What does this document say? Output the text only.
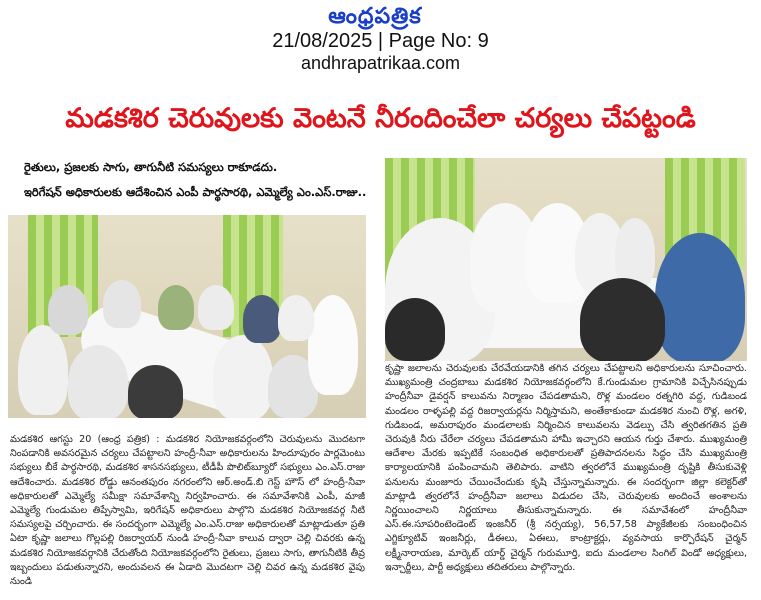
ఆంధ్రపత్రిక
21/08/2025 | Page No: 9
andhrapatrikaa.com
మడకశిర చెరువులకు వెంటనే నీరందించేలా చర్యలు చేపట్టండి
రైతులు, ప్రజలకు సాగు, తాగునీటి సమస్యలు రాకూడదు.
ఇరిగేషన్ అధికారులకు ఆదేశించిన ఎంపీ పార్థసారథి, ఎమ్మెల్యే ఎం.ఎస్.రాజు..
మడకశిర ఆగస్టు 20 (ఆంధ్ర పత్రిక) : మడకశిర నియోజకవర్గంలోని చెరువులను మొదటగా నింపడానికి అవసరమైన చర్యలు చేపట్టాలని హంద్రీ-నీవా అధికారులను హిందూపురం పార్లమెంటు సభ్యులు బీకే పార్థసారథి, మడకశిర శాసనసభ్యులు, టీడీపీ పొలిట్‌బ్యూరో సభ్యులు ఎం.ఎస్.రాజు ఆదేశించారు. మడకశిర రోడ్డు ఆనంతపురం నగరంలోని ఆర్.అండ్.బి గెస్ట్ హౌస్ లో హంద్రీ-నీవా అధికారులతో ఎమ్మెల్యే సమీక్షా సమావేశాన్ని నిర్వహించారు. ఈ సమావేశానికి ఎంపీ, మాజీ ఎమ్మెల్యే గుండుమల తిప్పేస్వామి, ఇరిగేషన్ అధికారులు పాల్గొని మడకశిర నియోజకవర్గ నీటి సమస్యలపై చర్చించారు. ఈ సందర్భంగా ఎమ్మెల్యే ఎం.ఎస్.రాజు అధికారులతో మాట్లాడుతూ ప్రతి ఏటా కృష్ణా జలాలు గొల్లపల్లి రిజర్వాయర్ నుండి హంద్రీ-నీవా కాలువ ద్వారా చెల్లి చివరకు ఉన్న మడకశిర నియోజకవర్గానికి చేరుతోంది నియోజకవర్గంలోని రైతులు, ప్రజలు సాగు, తాగునీటికి తీవ్ర ఇబ్బందులు పడుతున్నారని, అందువలన ఈ ఏడాది మొదటగా చెల్లి చివర ఉన్న మడకశిర వైపు నుండి
కృష్ణా జలాలను చెరువులకు చేరవేయడానికి తగిన చర్యలు చేపట్టాలని అధికారులను సూచించారు. ముఖ్యమంత్రి చంద్రబాబు మడకశిర నియోజకవర్గంలోని కే.గుండుమల గ్రామానికి విచ్చేసినప్పుడు హంద్రీనీవా డైవర్షన్ కాలువను నిర్మాణం చేపడతామని, రొళ్ల మండలం రత్నగిరి వద్ద, గుడిబండ మండలం రాళ్ళపల్లి వద్ద రిజర్వాయర్లను నిర్మిస్తామని, అంతేకాకుండా మడకశిర నుంచి రొళ్ల, అగళి, గుడిబండ, అమరాపురం మండలాలకు నిర్మించిన కాలువలను వెడల్పు చేసి త్వరితగతిన ప్రతి చెరువుకి నీరు చేరేలా చర్యలు చేపడతామని హామీ ఇచ్చారని ఆయన గుర్తు చేశారు. ముఖ్యమంత్రి ఆదేశాల మేరకు ఇప్పటికే సంబంధిత అధికారులతో ప్రతిపాదనలను సిద్ధం చేసి ముఖ్యమంత్రి కార్యాలయానికి పంపించామని తెలిపారు. వాటిని త్వరలోనే ముఖ్యమంత్రి దృష్టికి తీసుకువెళ్లి పనులను మంజూరు చేయించేందుకు కృషి చేస్తున్నామన్నారు. ఈ సందర్భంగా జిల్లా కలెక్టర్‌తో మాట్లాడి త్వరలోనే హంద్రీనీవా జలాలు విడుదల చేసి, చెరువులకు అందించే అంశాలను నిర్ణయించాలని నిర్ణయాలు తీసుకున్నామన్నారు. ఈ సమావేశంలో హంద్రీనీవా ఎస్.ఈ.సూపరింటెండెంట్ ఇంజనీర్ (శ్రీ నర్సయ్య), 56,57,58 ప్యాకేజీలకు సంబంధించిన ఎగ్జిక్యూటివ్ ఇంజనీర్లు, డీఈలు, ఏఈలు, కాంట్రాక్టర్లు, వ్యవసాయ కార్పొరేషన్ చైర్మన్ లక్ష్మీనారాయణ, మార్కెట్ యార్డ్ చైర్మన్ గురుమూర్తి, ఐదు మండలాల సింగిల్ విండో అధ్యక్షులు, ఇన్చార్జీలు, పార్టీ అధ్యక్షులు తదితరులు పాల్గొన్నారు.
